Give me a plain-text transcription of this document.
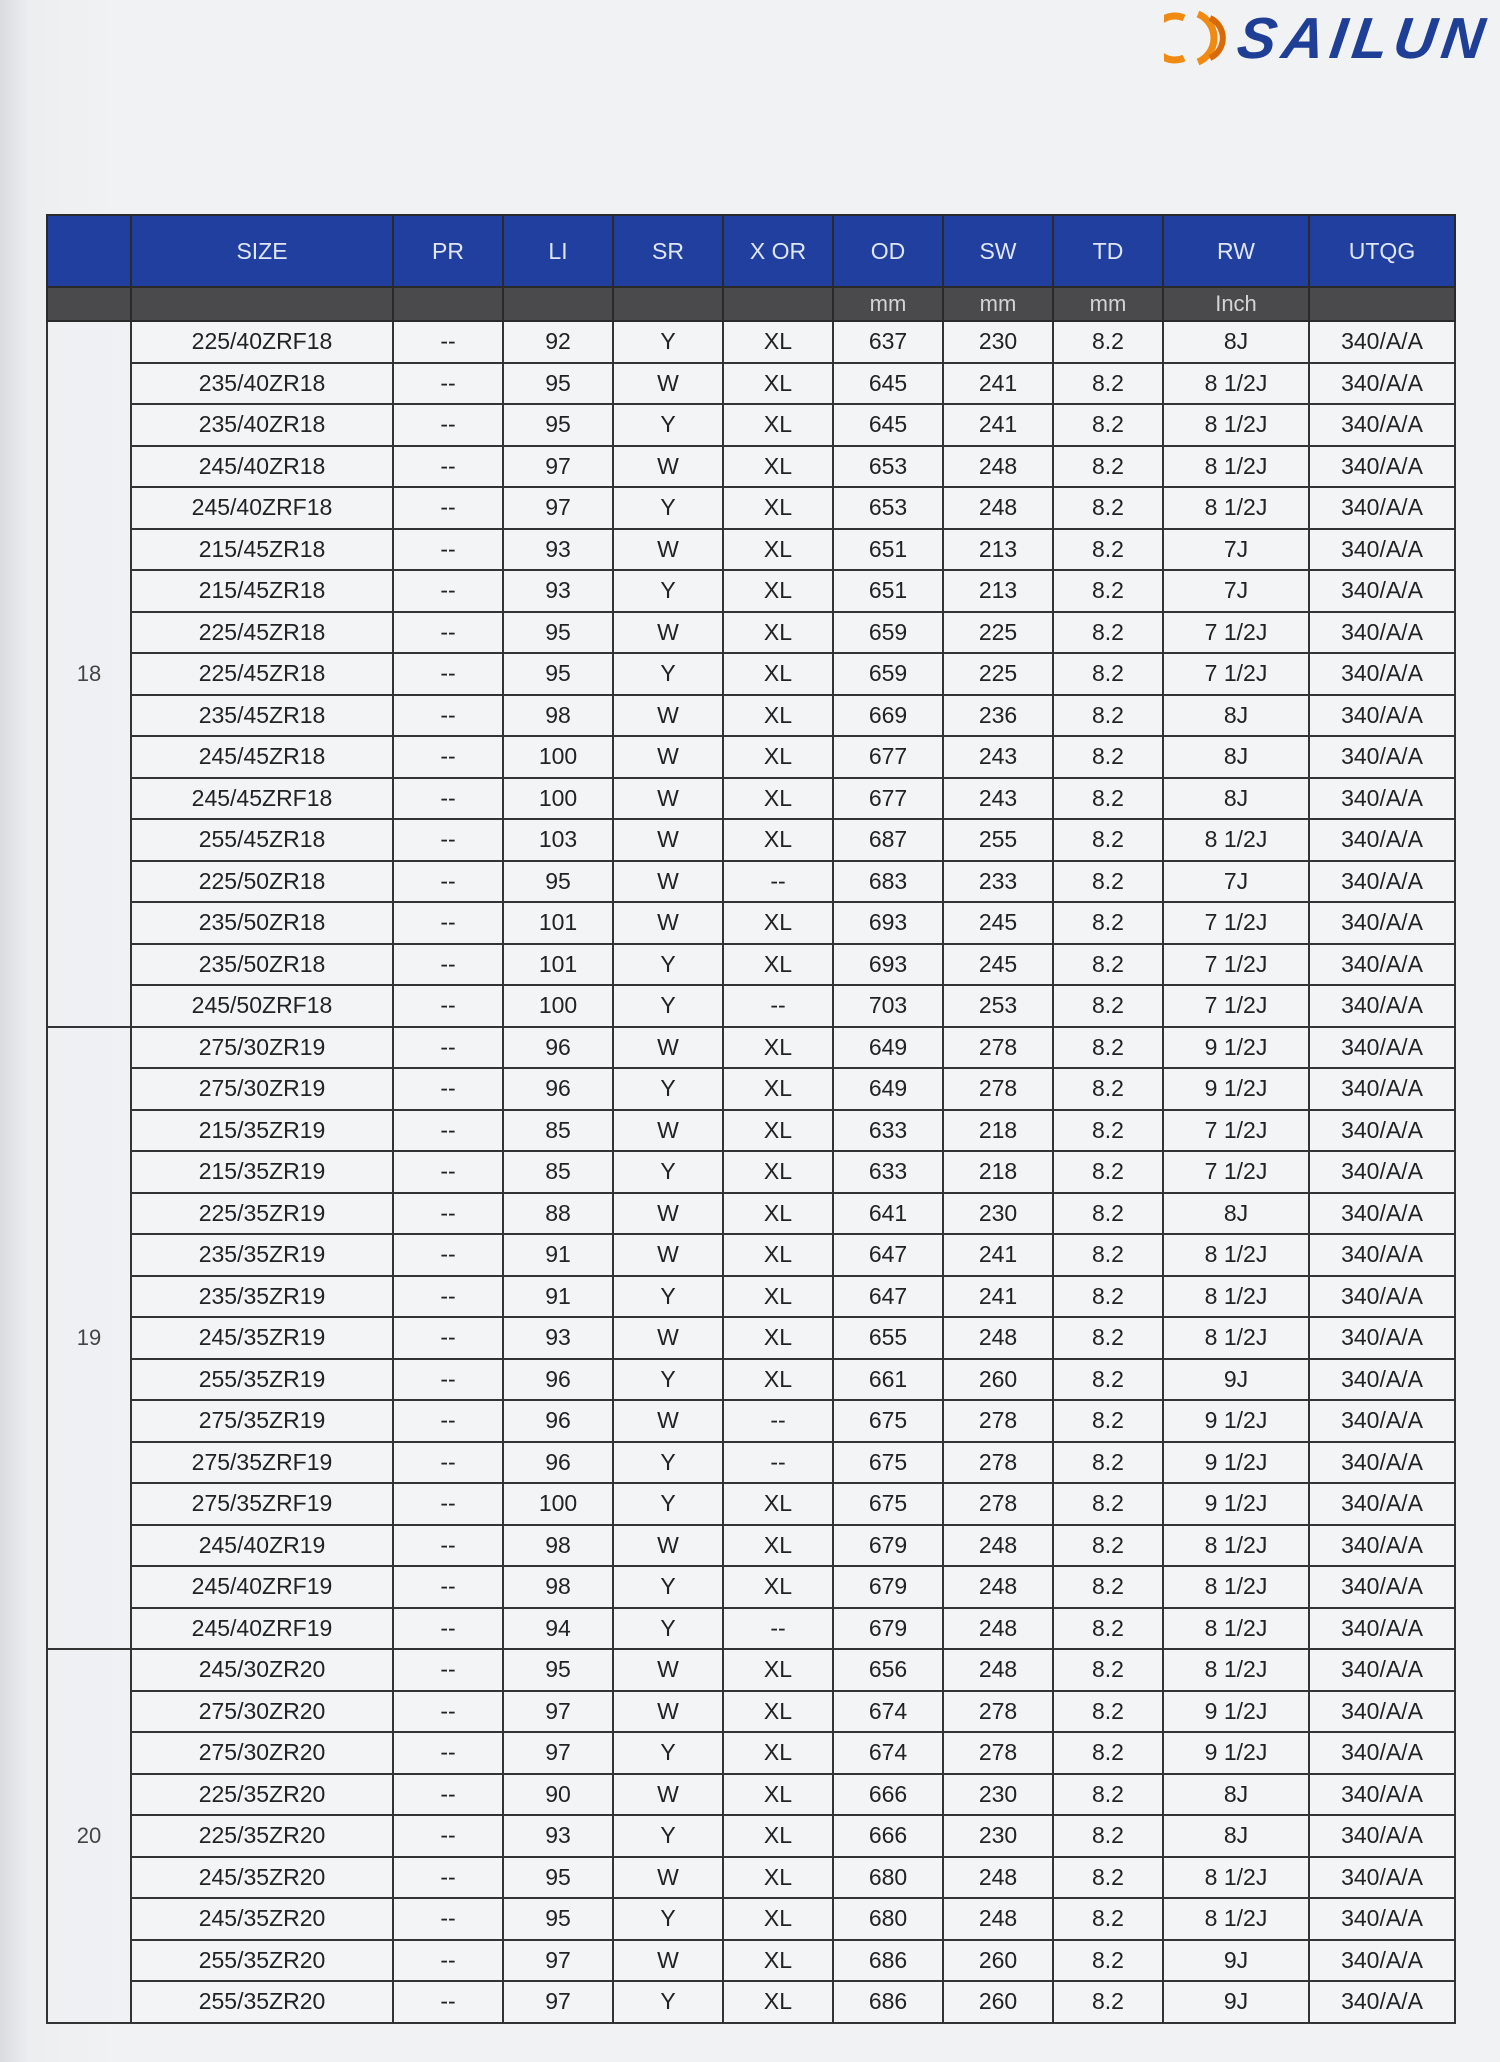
SAILUN
	SIZE	PR	LI	SR	X OR	OD	SW	TD	RW	UTQG
						mm	mm	mm	Inch	
18	225/40ZRF18	--	92	Y	XL	637	230	8.2	8J	340/A/A
	235/40ZR18	--	95	W	XL	645	241	8.2	8 1/2J	340/A/A
	235/40ZR18	--	95	Y	XL	645	241	8.2	8 1/2J	340/A/A
	245/40ZR18	--	97	W	XL	653	248	8.2	8 1/2J	340/A/A
	245/40ZRF18	--	97	Y	XL	653	248	8.2	8 1/2J	340/A/A
	215/45ZR18	--	93	W	XL	651	213	8.2	7J	340/A/A
	215/45ZR18	--	93	Y	XL	651	213	8.2	7J	340/A/A
	225/45ZR18	--	95	W	XL	659	225	8.2	7 1/2J	340/A/A
	225/45ZR18	--	95	Y	XL	659	225	8.2	7 1/2J	340/A/A
	235/45ZR18	--	98	W	XL	669	236	8.2	8J	340/A/A
	245/45ZR18	--	100	W	XL	677	243	8.2	8J	340/A/A
	245/45ZRF18	--	100	W	XL	677	243	8.2	8J	340/A/A
	255/45ZR18	--	103	W	XL	687	255	8.2	8 1/2J	340/A/A
	225/50ZR18	--	95	W	--	683	233	8.2	7J	340/A/A
	235/50ZR18	--	101	W	XL	693	245	8.2	7 1/2J	340/A/A
	235/50ZR18	--	101	Y	XL	693	245	8.2	7 1/2J	340/A/A
	245/50ZRF18	--	100	Y	--	703	253	8.2	7 1/2J	340/A/A
19	275/30ZR19	--	96	W	XL	649	278	8.2	9 1/2J	340/A/A
	275/30ZR19	--	96	Y	XL	649	278	8.2	9 1/2J	340/A/A
	215/35ZR19	--	85	W	XL	633	218	8.2	7 1/2J	340/A/A
	215/35ZR19	--	85	Y	XL	633	218	8.2	7 1/2J	340/A/A
	225/35ZR19	--	88	W	XL	641	230	8.2	8J	340/A/A
	235/35ZR19	--	91	W	XL	647	241	8.2	8 1/2J	340/A/A
	235/35ZR19	--	91	Y	XL	647	241	8.2	8 1/2J	340/A/A
	245/35ZR19	--	93	W	XL	655	248	8.2	8 1/2J	340/A/A
	255/35ZR19	--	96	Y	XL	661	260	8.2	9J	340/A/A
	275/35ZR19	--	96	W	--	675	278	8.2	9 1/2J	340/A/A
	275/35ZRF19	--	96	Y	--	675	278	8.2	9 1/2J	340/A/A
	275/35ZRF19	--	100	Y	XL	675	278	8.2	9 1/2J	340/A/A
	245/40ZR19	--	98	W	XL	679	248	8.2	8 1/2J	340/A/A
	245/40ZRF19	--	98	Y	XL	679	248	8.2	8 1/2J	340/A/A
	245/40ZRF19	--	94	Y	--	679	248	8.2	8 1/2J	340/A/A
20	245/30ZR20	--	95	W	XL	656	248	8.2	8 1/2J	340/A/A
	275/30ZR20	--	97	W	XL	674	278	8.2	9 1/2J	340/A/A
	275/30ZR20	--	97	Y	XL	674	278	8.2	9 1/2J	340/A/A
	225/35ZR20	--	90	W	XL	666	230	8.2	8J	340/A/A
	225/35ZR20	--	93	Y	XL	666	230	8.2	8J	340/A/A
	245/35ZR20	--	95	W	XL	680	248	8.2	8 1/2J	340/A/A
	245/35ZR20	--	95	Y	XL	680	248	8.2	8 1/2J	340/A/A
	255/35ZR20	--	97	W	XL	686	260	8.2	9J	340/A/A
	255/35ZR20	--	97	Y	XL	686	260	8.2	9J	340/A/A
